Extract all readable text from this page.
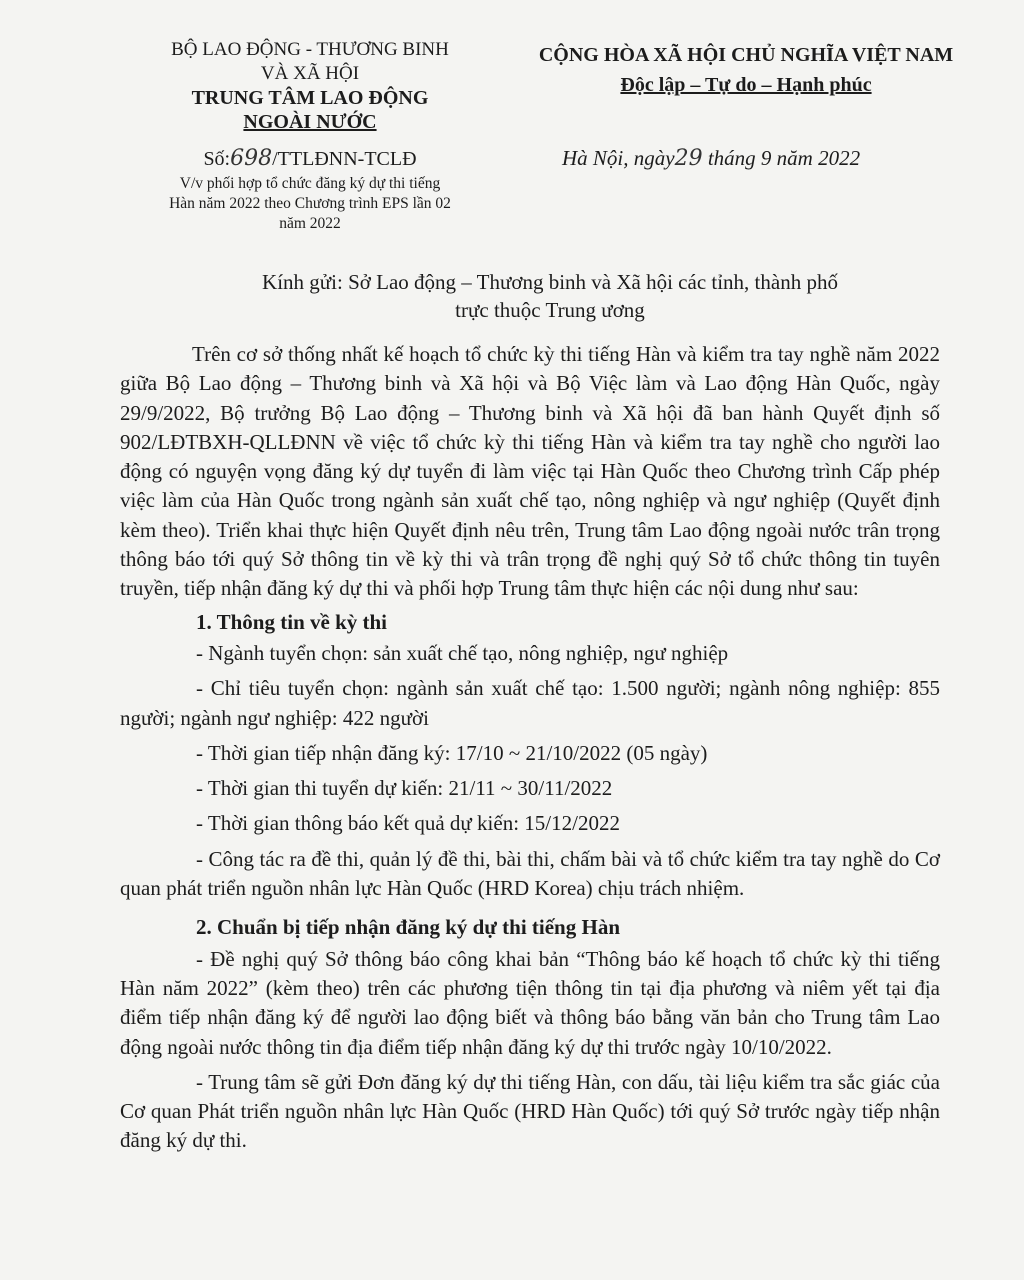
BỘ LAO ĐỘNG - THƯƠNG BINH
VÀ XÃ HỘI
TRUNG TÂM LAO ĐỘNG
NGOÀI NƯỚC
CỘNG HÒA XÃ HỘI CHỦ NGHĨA VIỆT NAM
Độc lập – Tự do – Hạnh phúc
Số:698/TTLĐNN-TCLĐ	Hà Nội, ngày29 tháng 9 năm 2022
V/v phối hợp tổ chức đăng ký dự thi tiếng
Hàn năm 2022 theo Chương trình EPS lần 02
năm 2022
Kính gửi: Sở Lao động – Thương binh và Xã hội các tỉnh, thành phố
trực thuộc Trung ương

Trên cơ sở thống nhất kế hoạch tổ chức kỳ thi tiếng Hàn và kiểm tra tay nghề năm 2022 giữa Bộ Lao động – Thương binh và Xã hội và Bộ Việc làm và Lao động Hàn Quốc, ngày 29/9/2022, Bộ trưởng Bộ Lao động – Thương binh và Xã hội đã ban hành Quyết định số 902/LĐTBXH-QLLĐNN về việc tổ chức kỳ thi tiếng Hàn và kiểm tra tay nghề cho người lao động có nguyện vọng đăng ký dự tuyển đi làm việc tại Hàn Quốc theo Chương trình Cấp phép việc làm của Hàn Quốc trong ngành sản xuất chế tạo, nông nghiệp và ngư nghiệp (Quyết định kèm theo). Triển khai thực hiện Quyết định nêu trên, Trung tâm Lao động ngoài nước trân trọng thông báo tới quý Sở thông tin về kỳ thi và trân trọng đề nghị quý Sở tổ chức thông tin tuyên truyền, tiếp nhận đăng ký dự thi và phối hợp Trung tâm thực hiện các nội dung như sau:

1. Thông tin về kỳ thi

- Ngành tuyển chọn: sản xuất chế tạo, nông nghiệp, ngư nghiệp

- Chỉ tiêu tuyển chọn: ngành sản xuất chế tạo: 1.500 người; ngành nông nghiệp: 855 người; ngành ngư nghiệp: 422 người

- Thời gian tiếp nhận đăng ký: 17/10 ~ 21/10/2022 (05 ngày)

- Thời gian thi tuyển dự kiến: 21/11 ~ 30/11/2022

- Thời gian thông báo kết quả dự kiến: 15/12/2022

- Công tác ra đề thi, quản lý đề thi, bài thi, chấm bài và tổ chức kiểm tra tay nghề do Cơ quan phát triển nguồn nhân lực Hàn Quốc (HRD Korea) chịu trách nhiệm.

2. Chuẩn bị tiếp nhận đăng ký dự thi tiếng Hàn

- Đề nghị quý Sở thông báo công khai bản “Thông báo kế hoạch tổ chức kỳ thi tiếng Hàn năm 2022” (kèm theo) trên các phương tiện thông tin tại địa phương và niêm yết tại địa điểm tiếp nhận đăng ký để người lao động biết và thông báo bằng văn bản cho Trung tâm Lao động ngoài nước thông tin địa điểm tiếp nhận đăng ký dự thi trước ngày 10/10/2022.

- Trung tâm sẽ gửi Đơn đăng ký dự thi tiếng Hàn, con dấu, tài liệu kiểm tra sắc giác của Cơ quan Phát triển nguồn nhân lực Hàn Quốc (HRD Hàn Quốc) tới quý Sở trước ngày tiếp nhận đăng ký dự thi.
